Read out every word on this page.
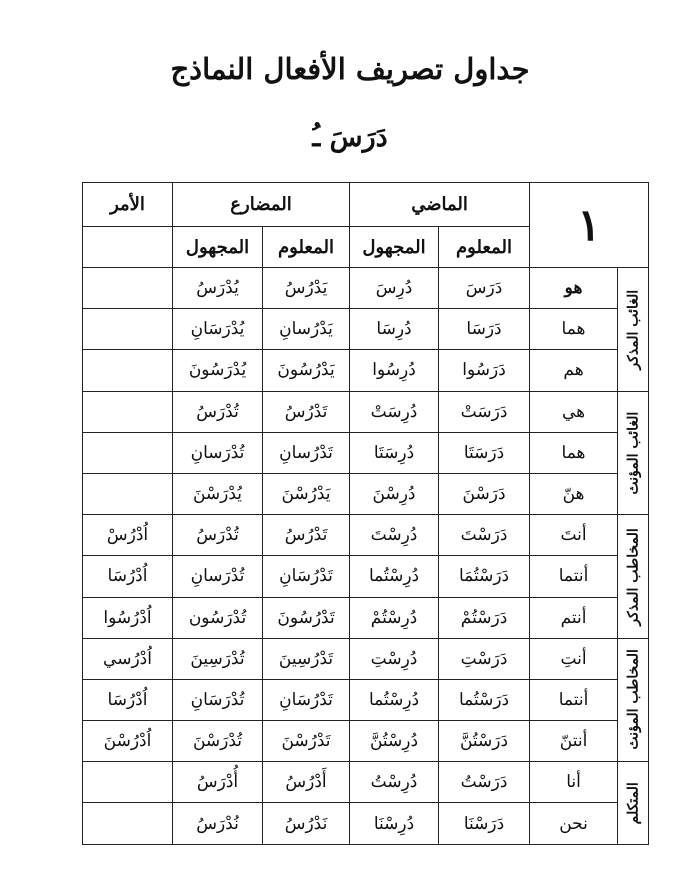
جداول تصريف الأفعال النماذج
دَرَسَ ـُ
١		الماضي		المضارع		الأمر
		المعلوم	المجهول	المعلوم	المجهول	
الغائب المذكر	هو	دَرَسَ	دُرِسَ	يَدْرُسُ	يُدْرَسُ	
	هما	دَرَسَا	دُرِسَا	يَدْرُسانِ	يُدْرَسَانِ	
	هم	دَرَسُوا	دُرِسُوا	يَدْرُسُونَ	يُدْرَسُونَ	
الغائب المؤنث	هي	دَرَسَتْ	دُرِسَتْ	تَدْرُسُ	تُدْرَسُ	
	هما	دَرَسَتَا	دُرِسَتَا	تَدْرُسانِ	تُدْرَسانِ	
	هنّ	دَرَسْنَ	دُرِسْنَ	يَدْرُسْنَ	يُدْرَسْنَ	
المخاطب المذكر	أنتَ	دَرَسْتَ	دُرِسْتَ	تَدْرُسُ	تُدْرَسُ	اُدْرُسْ
	أنتما	دَرَسْتُمَا	دُرِسْتُما	تَدْرُسَانِ	تُدْرَسانِ	اُدْرُسَا
	أنتم	دَرَسْتُمْ	دُرِسْتُمْ	تَدْرُسُونَ	تُدْرَسُون	اُدْرُسُوا
المخاطب المؤنث	أنتِ	دَرَسْتِ	دُرِسْتِ	تَدْرُسِينَ	تُدْرَسِينَ	اُدْرُسي
	أنتما	دَرَسْتُما	دُرِسْتُما	تَدْرُسَانِ	تُدْرَسَانِ	اُدْرُسَا
	أنتنّ	دَرَسْتُنَّ	دُرِسْتُنَّ	تَدْرُسْنَ	تُدْرَسْنَ	اُدْرُسْنَ
المتكلم	أنا	دَرَسْتُ	دُرِسْتُ	أَدْرُسُ	أُدْرَسُ	
	نحن	دَرَسْنَا	دُرِسْنَا	نَدْرُسُ	نُدْرَسُ	
